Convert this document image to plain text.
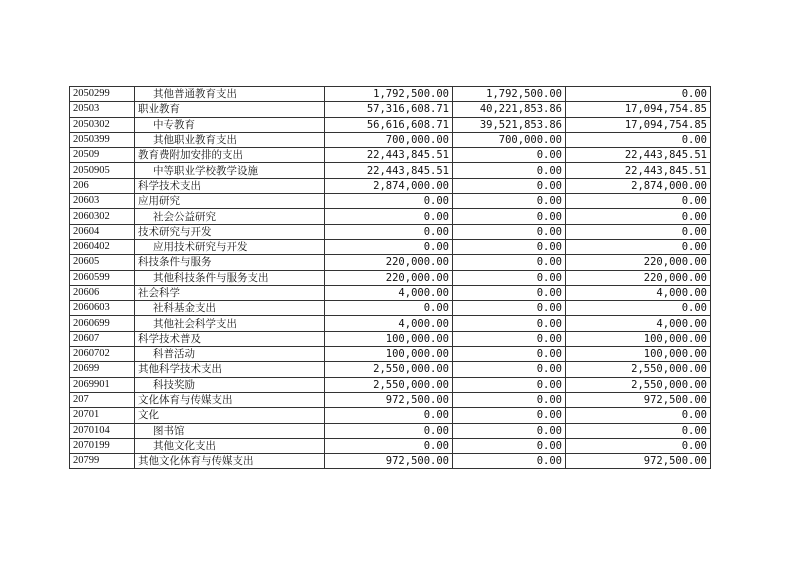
2050299	其他普通教育支出	1,792,500.00	1,792,500.00	0.00
20503	职业教育	57,316,608.71	40,221,853.86	17,094,754.85
2050302	中专教育	56,616,608.71	39,521,853.86	17,094,754.85
2050399	其他职业教育支出	700,000.00	700,000.00	0.00
20509	教育费附加安排的支出	22,443,845.51	0.00	22,443,845.51
2050905	中等职业学校教学设施	22,443,845.51	0.00	22,443,845.51
206	科学技术支出	2,874,000.00	0.00	2,874,000.00
20603	应用研究	0.00	0.00	0.00
2060302	社会公益研究	0.00	0.00	0.00
20604	技术研究与开发	0.00	0.00	0.00
2060402	应用技术研究与开发	0.00	0.00	0.00
20605	科技条件与服务	220,000.00	0.00	220,000.00
2060599	其他科技条件与服务支出	220,000.00	0.00	220,000.00
20606	社会科学	4,000.00	0.00	4,000.00
2060603	社科基金支出	0.00	0.00	0.00
2060699	其他社会科学支出	4,000.00	0.00	4,000.00
20607	科学技术普及	100,000.00	0.00	100,000.00
2060702	科普活动	100,000.00	0.00	100,000.00
20699	其他科学技术支出	2,550,000.00	0.00	2,550,000.00
2069901	科技奖励	2,550,000.00	0.00	2,550,000.00
207	文化体育与传媒支出	972,500.00	0.00	972,500.00
20701	文化	0.00	0.00	0.00
2070104	图书馆	0.00	0.00	0.00
2070199	其他文化支出	0.00	0.00	0.00
20799	其他文化体育与传媒支出	972,500.00	0.00	972,500.00
